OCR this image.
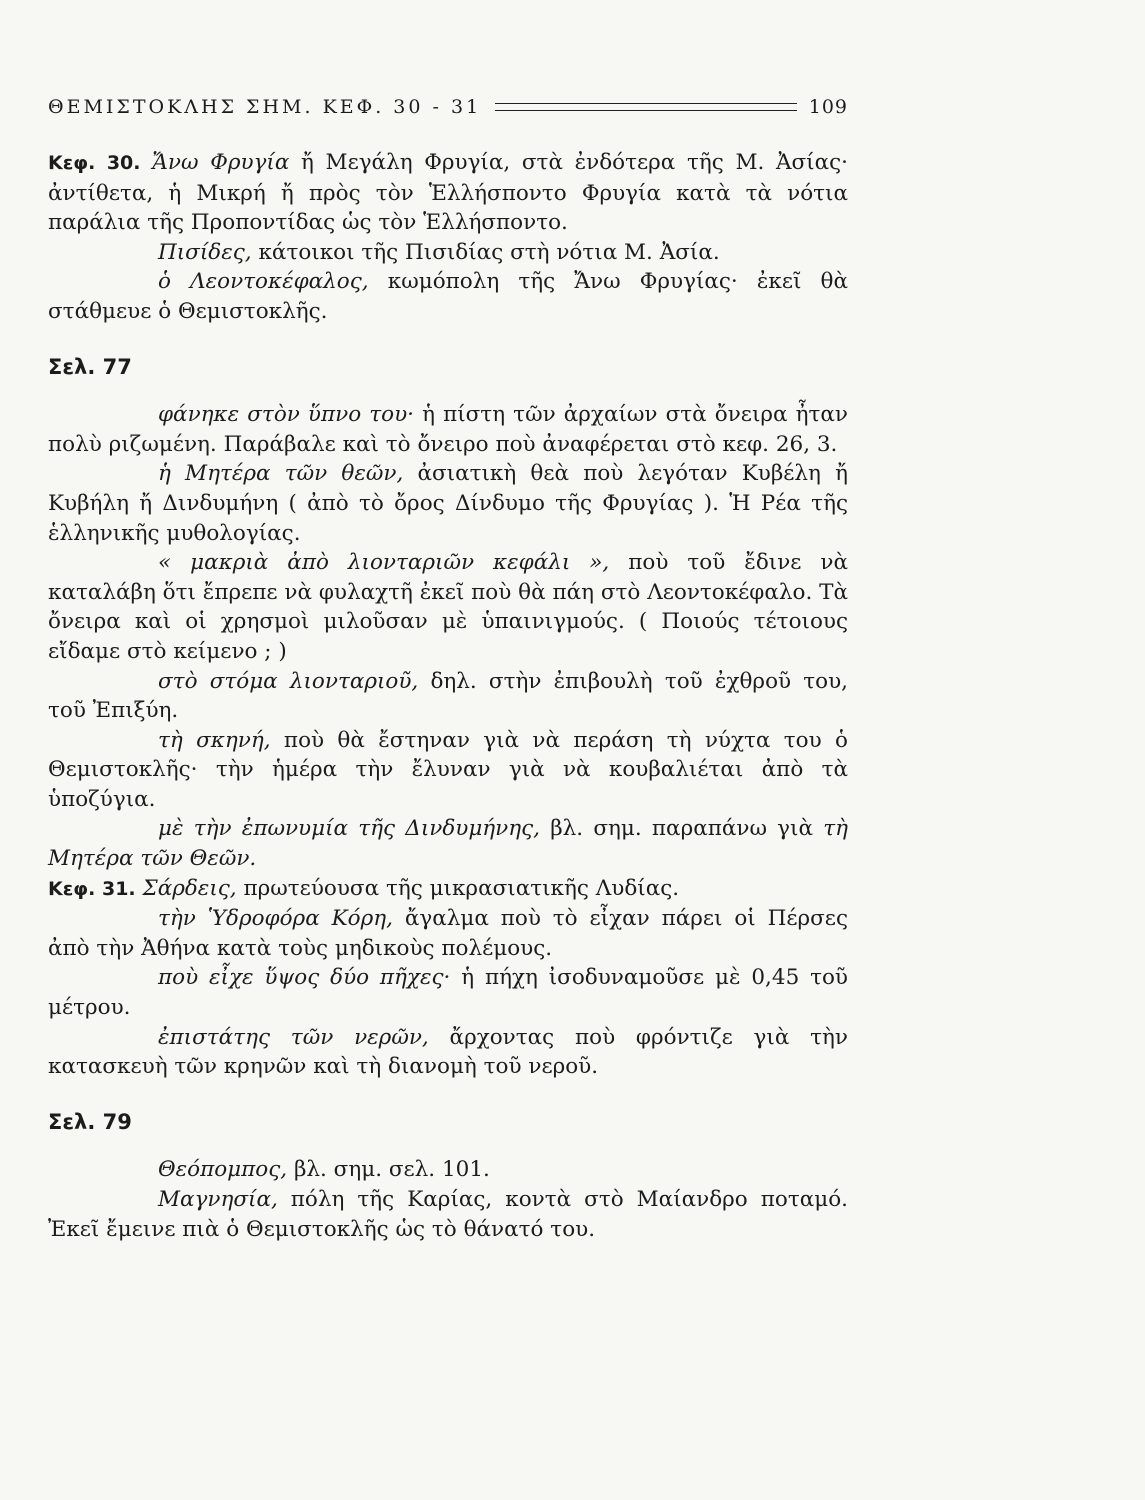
ΘΕΜΙΣΤΟΚΛΗΣ ΣΗΜ. ΚΕΦ. 30 - 31	109

Κεφ. 30. Ἄνω Φρυγία ἤ Μεγάλη Φρυγία, στὰ ἐνδότερα τῆς Μ. Ἀσίας· ἀντίθετα, ἡ Μικρή ἤ πρὸς τὸν Ἑλλήσποντο Φρυγία κατὰ τὰ νότια παράλια τῆς Προποντίδας ὡς τὸν Ἑλλήσποντο.

Πισίδες, κάτοικοι τῆς Πισιδίας στὴ νότια Μ. Ἀσία.

ὁ Λεοντοκέφαλος, κωμόπολη τῆς Ἄνω Φρυγίας· ἐκεῖ θὰ στάθμευε ὁ Θεμιστοκλῆς.

Σελ. 77

φάνηκε στὸν ὕπνο του· ἡ πίστη τῶν ἀρχαίων στὰ ὄνειρα ἦταν πολὺ ριζωμένη. Παράβαλε καὶ τὸ ὄνειρο ποὺ ἀναφέρεται στὸ κεφ. 26, 3.

ἡ Μητέρα τῶν θεῶν, ἀσιατικὴ θεὰ ποὺ λεγόταν Κυβέλη ἤ Κυβήλη ἤ Δινδυμήνη ( ἀπὸ τὸ ὄρος Δίνδυμο τῆς Φρυγίας ). Ἡ Ρέα τῆς ἑλληνικῆς μυθολογίας.

« μακριὰ ἀπὸ λιονταριῶν κεφάλι », ποὺ τοῦ ἔδινε νὰ καταλάβη ὅτι ἔπρεπε νὰ φυλαχτῆ ἐκεῖ ποὺ θὰ πάη στὸ Λεοντοκέφαλο. Τὰ ὄνειρα καὶ οἱ χρησμοὶ μιλοῦσαν μὲ ὑπαινιγμούς. ( Ποιούς τέτοιους εἴδαμε στὸ κείμενο ; )

στὸ στόμα λιονταριοῦ, δηλ. στὴν ἐπιβουλὴ τοῦ ἐχθροῦ του, τοῦ Ἐπιξύη.

τὴ σκηνή, ποὺ θὰ ἔστηναν γιὰ νὰ περάση τὴ νύχτα του ὁ Θεμιστοκλῆς· τὴν ἡμέρα τὴν ἔλυναν γιὰ νὰ κουβαλιέται ἀπὸ τὰ ὑποζύγια.

μὲ τὴν ἐπωνυμία τῆς Δινδυμήνης, βλ. σημ. παραπάνω γιὰ τὴ Μητέρα τῶν Θεῶν.

Κεφ. 31. Σάρδεις, πρωτεύουσα τῆς μικρασιατικῆς Λυδίας.

τὴν Ὑδροφόρα Κόρη, ἄγαλμα ποὺ τὸ εἶχαν πάρει οἱ Πέρσες ἀπὸ τὴν Ἀθήνα κατὰ τοὺς μηδικοὺς πολέμους.

ποὺ εἶχε ὕψος δύο πῆχες· ἡ πήχη ἰσοδυναμοῦσε μὲ 0,45 τοῦ μέτρου.

ἐπιστάτης τῶν νερῶν, ἄρχοντας ποὺ φρόντιζε γιὰ τὴν κατασκευὴ τῶν κρηνῶν καὶ τὴ διανομὴ τοῦ νεροῦ.

Σελ. 79

Θεόπομπος, βλ. σημ. σελ. 101.

Μαγνησία, πόλη τῆς Καρίας, κοντὰ στὸ Μαίανδρο ποταμό. Ἐκεῖ ἔμεινε πιὰ ὁ Θεμιστοκλῆς ὡς τὸ θάνατό του.
